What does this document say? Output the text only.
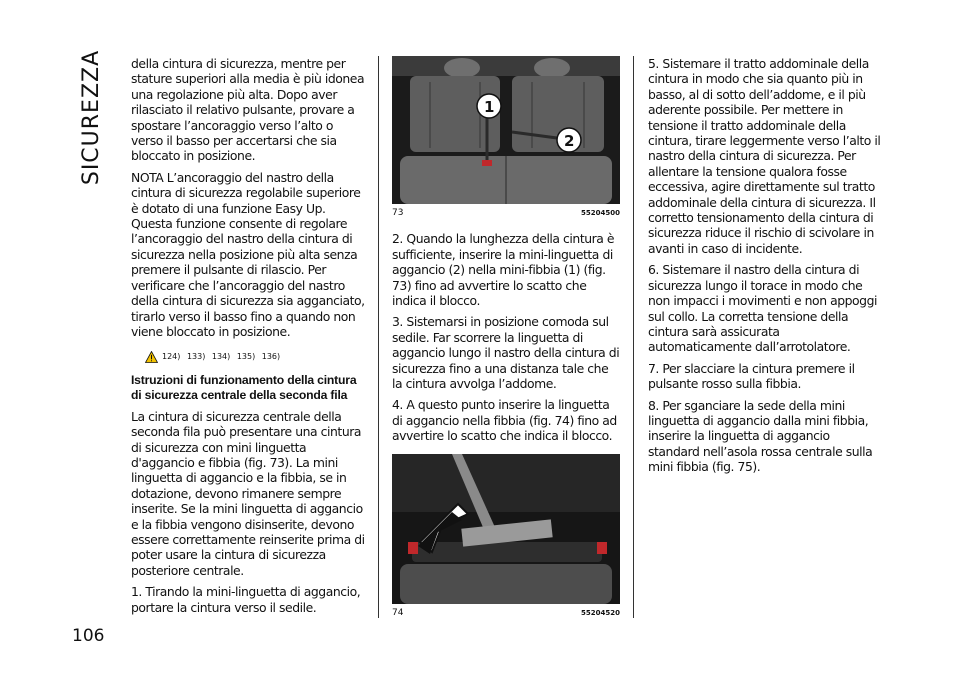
SICUREZZA
106

della cintura di sicurezza, mentre per stature superiori alla media è più idonea una regolazione più alta. Dopo aver rilasciato il relativo pulsante, provare a spostare l’ancoraggio verso l’alto o verso il basso per accertarsi che sia bloccato in posizione.

NOTA L’ancoraggio del nastro della cintura di sicurezza regolabile superiore è dotato di una funzione Easy Up. Questa funzione consente di regolare l’ancoraggio del nastro della cintura di sicurezza nella posizione più alta senza premere il pulsante di rilascio. Per verificare che l’ancoraggio del nastro della cintura di sicurezza sia agganciato, tirarlo verso il basso fino a quando non viene bloccato in posizione.

124) 133) 134) 135) 136)
Istruzioni di funzionamento della cintura di sicurezza centrale della seconda fila

La cintura di sicurezza centrale della seconda fila può presentare una cintura di sicurezza con mini linguetta d'aggancio e fibbia (fig. 73). La mini linguetta di aggancio e la fibbia, se in dotazione, devono rimanere sempre inserite. Se la mini linguetta di aggancio e la fibbia vengono disinserite, devono essere correttamente reinserite prima di poter usare la cintura di sicurezza posteriore centrale.

1. Tirando la mini-linguetta di aggancio, portare la cintura verso il sedile.

1
2
73	55204500

2. Quando la lunghezza della cintura è sufficiente, inserire la mini-linguetta di aggancio (2) nella mini-fibbia (1) (fig. 73) fino ad avvertire lo scatto che indica il blocco.

3. Sistemarsi in posizione comoda sul sedile. Far scorrere la linguetta di aggancio lungo il nastro della cintura di sicurezza fino a una distanza tale che la cintura avvolga l’addome.

4. A questo punto inserire la linguetta di aggancio nella fibbia (fig. 74) fino ad avvertire lo scatto che indica il blocco.

74	55204520

5. Sistemare il tratto addominale della cintura in modo che sia quanto più in basso, al di sotto dell’addome, e il più aderente possibile. Per mettere in tensione il tratto addominale della cintura, tirare leggermente verso l’alto il nastro della cintura di sicurezza. Per allentare la tensione qualora fosse eccessiva, agire direttamente sul tratto addominale della cintura di sicurezza. Il corretto tensionamento della cintura di sicurezza riduce il rischio di scivolare in avanti in caso di incidente.

6. Sistemare il nastro della cintura di sicurezza lungo il torace in modo che non impacci i movimenti e non appoggi sul collo. La corretta tensione della cintura sarà assicurata automaticamente dall’arrotolatore.

7. Per slacciare la cintura premere il pulsante rosso sulla fibbia.

8. Per sganciare la sede della mini linguetta di aggancio dalla mini fibbia, inserire la linguetta di aggancio standard nell’asola rossa centrale sulla mini fibbia (fig. 75).
